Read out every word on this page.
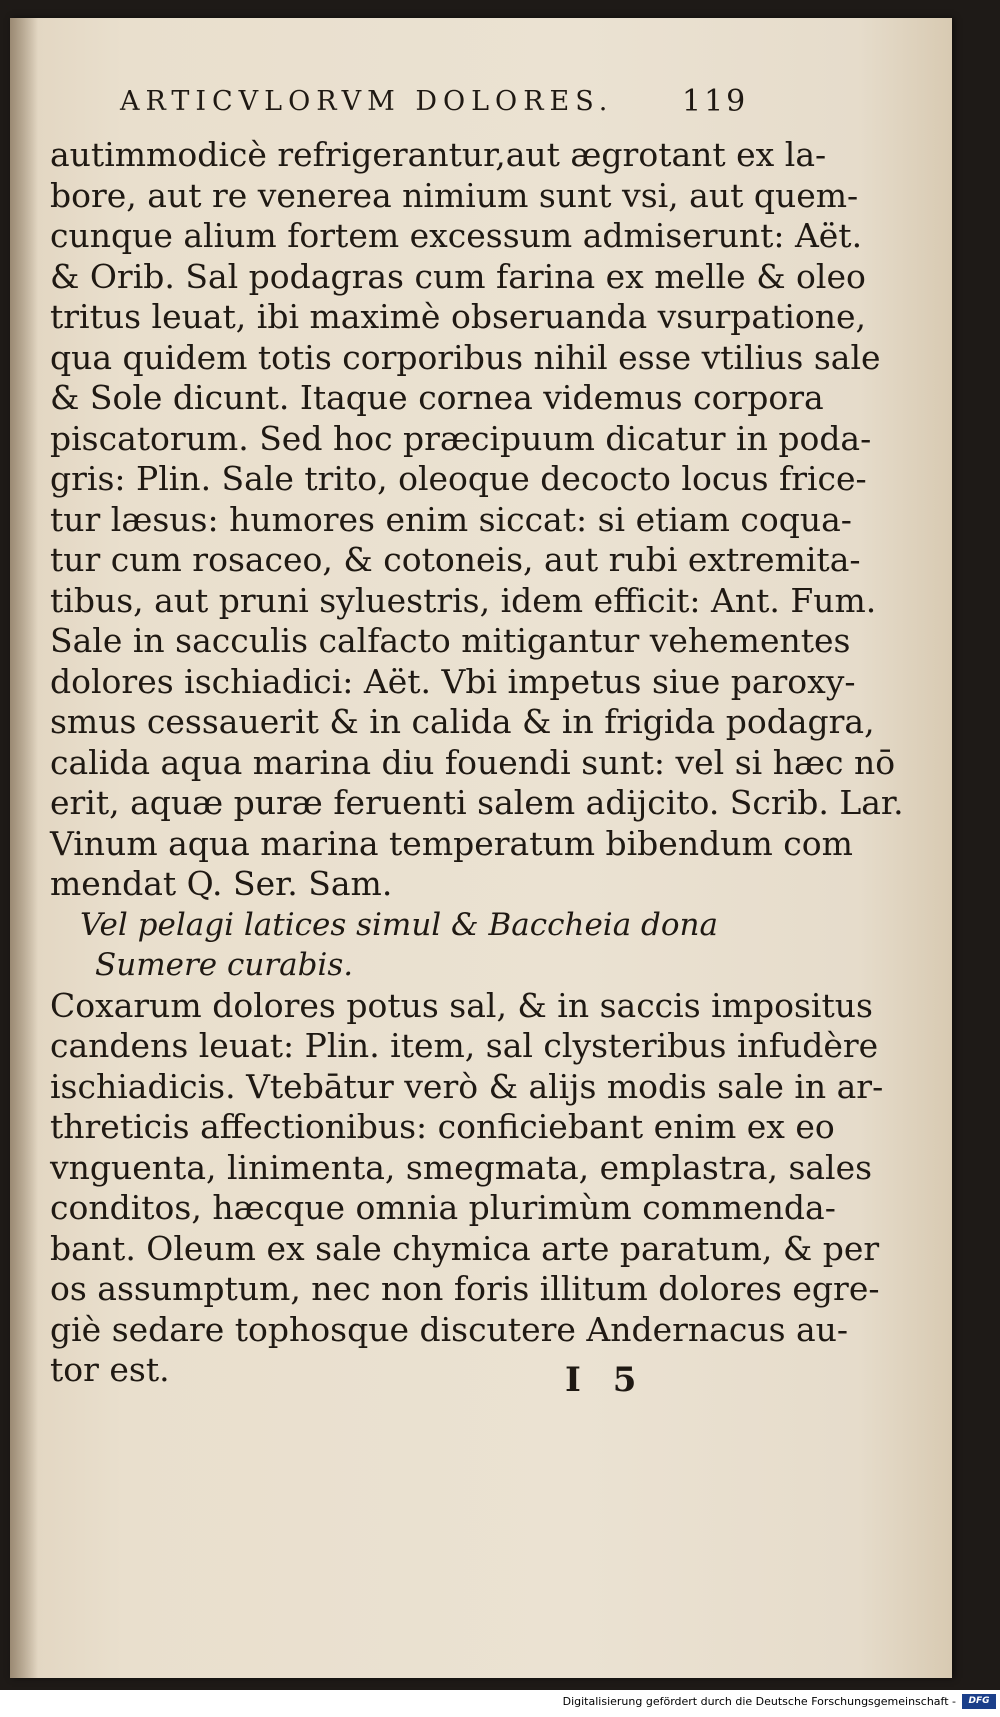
ARTICVLORVM DOLORES.	119
autimmodicè refrigerantur,aut ægrotant ex la-
bore, aut re venerea nimium sunt vsi, aut quem-
cunque alium fortem excessum admiserunt: Aët.
& Orib. Sal podagras cum farina ex melle & oleo
tritus leuat, ibi maximè obseruanda vsurpatione,
qua quidem totis corporibus nihil esse vtilius sale
& Sole dicunt. Itaque cornea videmus corpora
piscatorum. Sed hoc præcipuum dicatur in poda-
gris: Plin. Sale trito, oleoque decocto locus frice-
tur læsus: humores enim siccat: si etiam coqua-
tur cum rosaceo, & cotoneis, aut rubi extremita-
tibus, aut pruni syluestris, idem efficit: Ant. Fum.
Sale in sacculis calfacto mitigantur vehementes
dolores ischiadici: Aët. Vbi impetus siue paroxy-
smus cessauerit & in calida & in frigida podagra,
calida aqua marina diu fouendi sunt: vel si hæc nō
erit, aquæ puræ feruenti salem adijcito. Scrib. Lar.
Vinum aqua marina temperatum bibendum com
mendat Q. Ser. Sam.
Vel pelagi latices simul & Baccheia dona
Sumere curabis.
Coxarum dolores potus sal, & in saccis impositus
candens leuat: Plin. item, sal clysteribus infudère
ischiadicis. Vtebātur verò & alijs modis sale in ar-
threticis affectionibus: conficiebant enim ex eo
vnguenta, linimenta, smegmata, emplastra, sales
conditos, hæcque omnia plurimùm commenda-
bant. Oleum ex sale chymica arte paratum, & per
os assumptum, nec non foris illitum dolores egre-
giè sedare tophosque discutere Andernacus au-
tor est.	I 5
Digitalisierung gefördert durch die Deutsche Forschungsgemeinschaft -	DFG
